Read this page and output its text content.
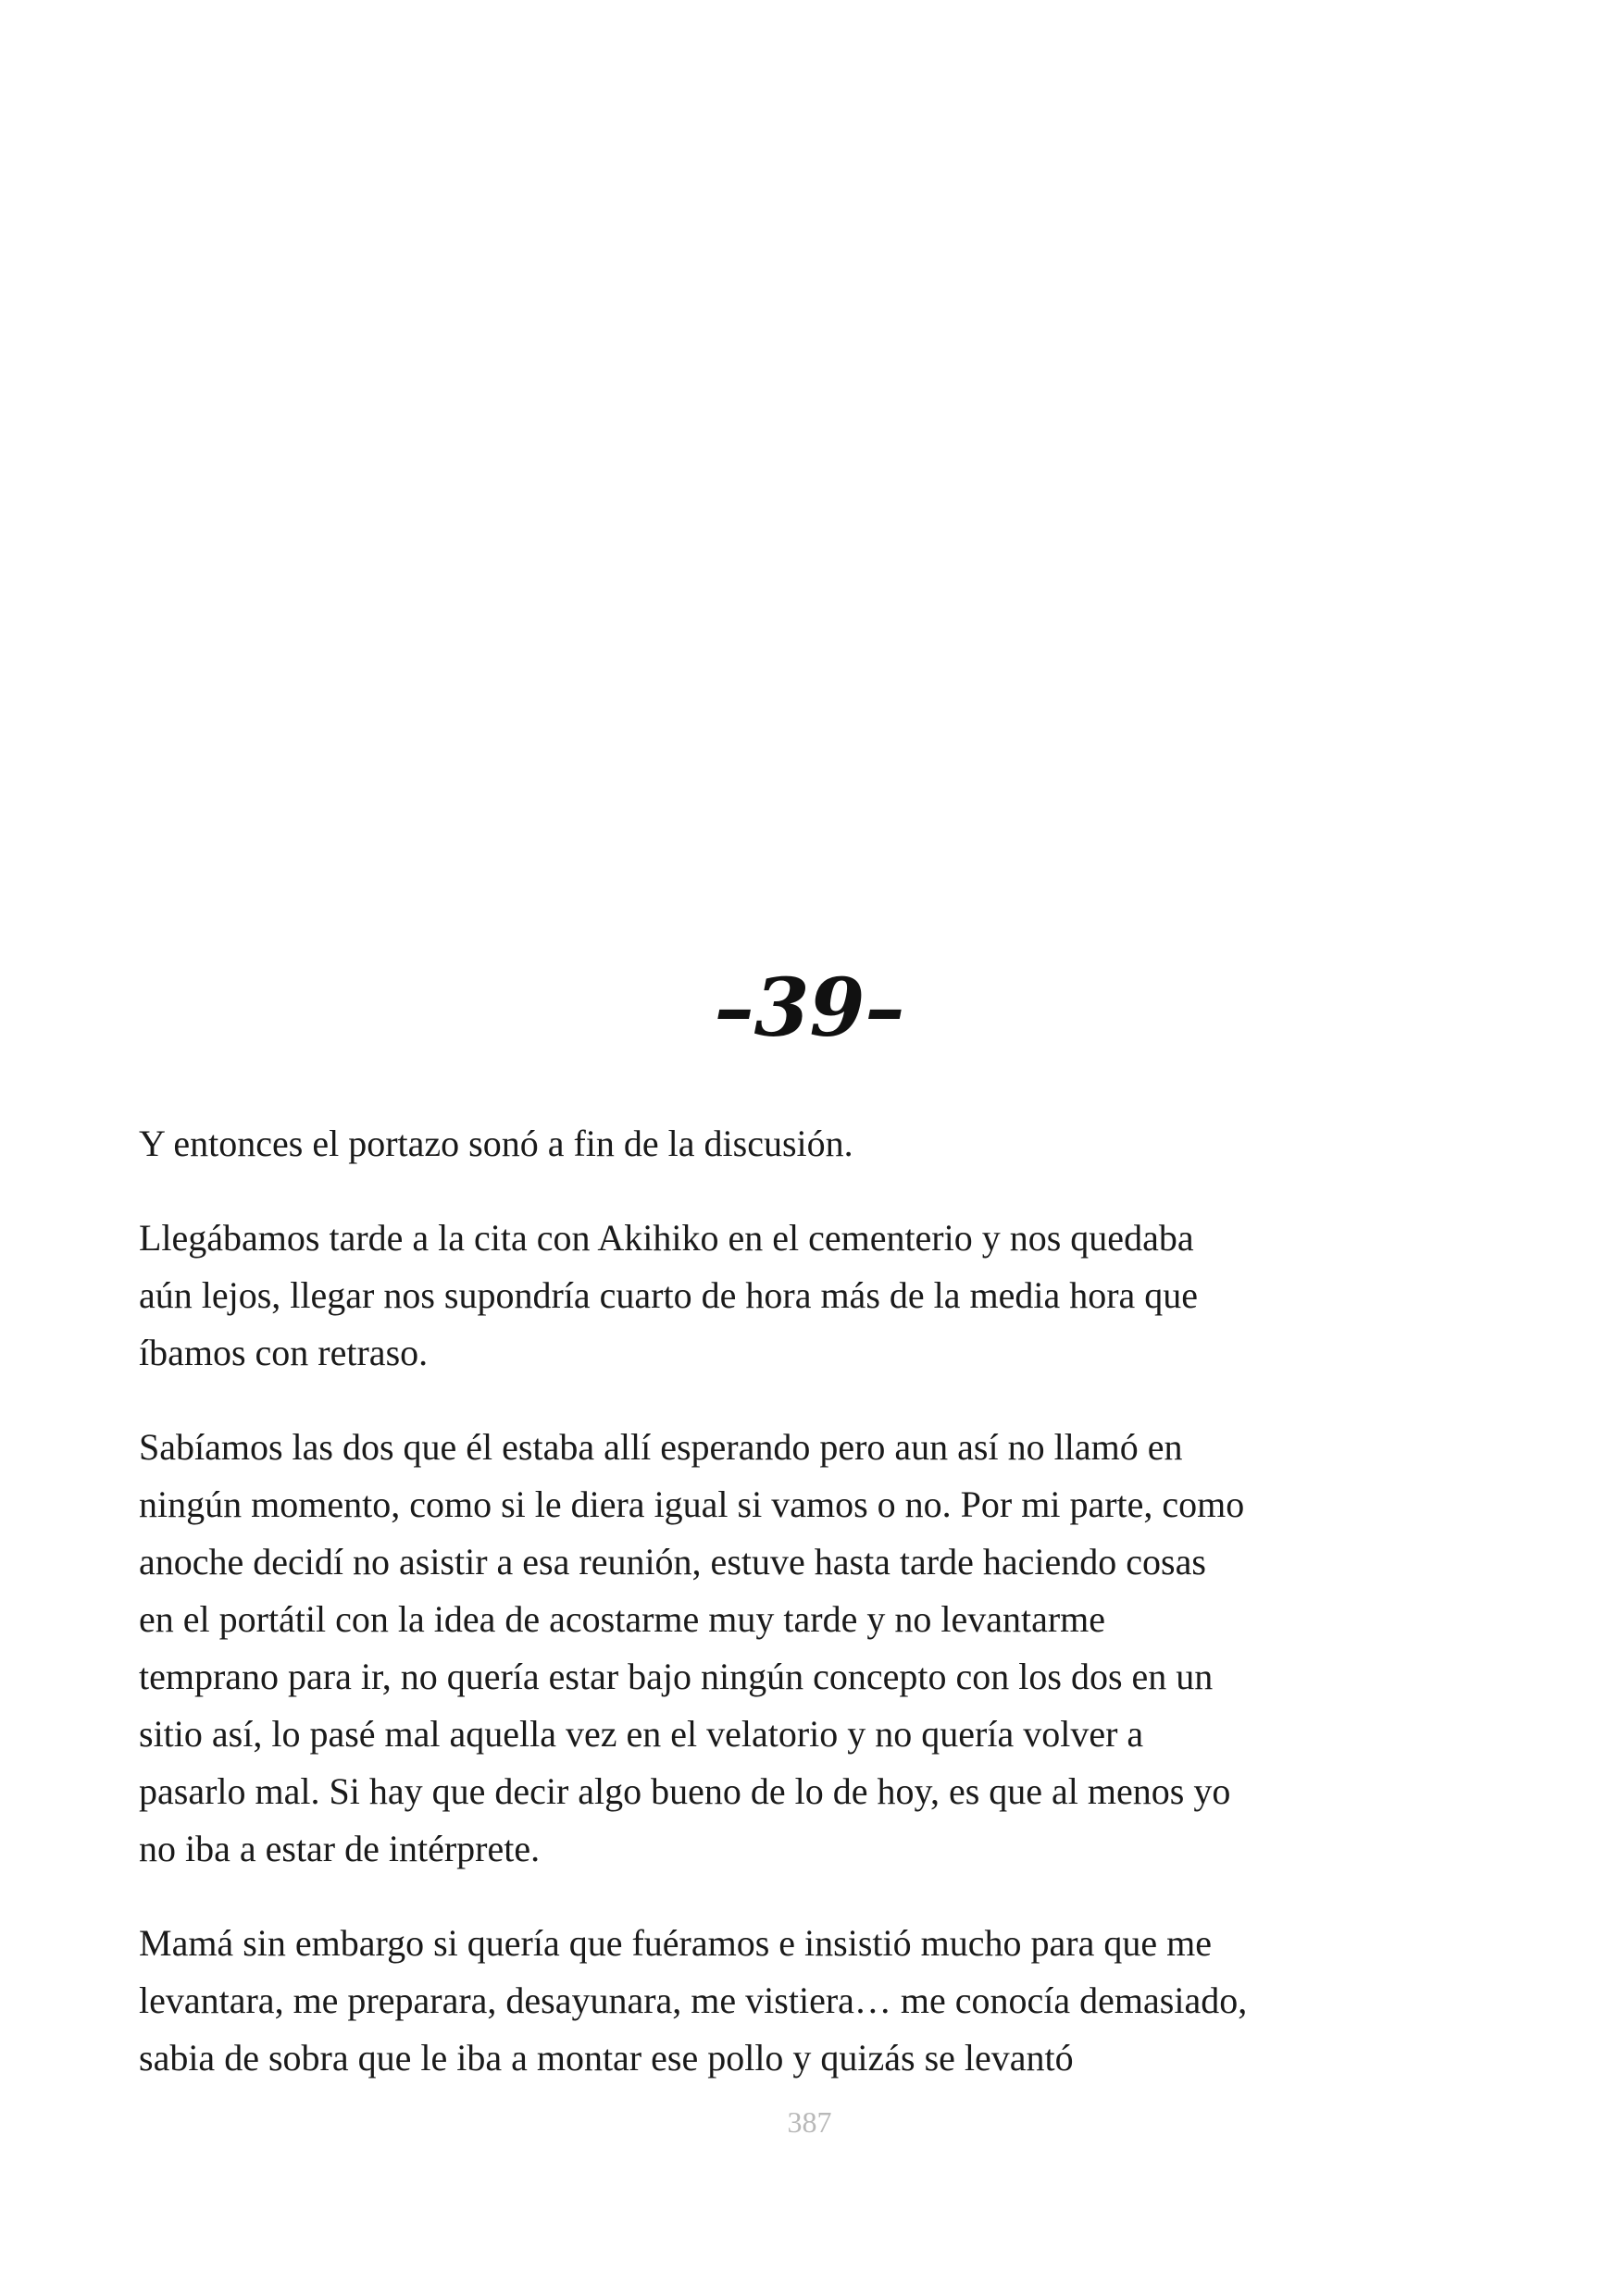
–39–

Y entonces el portazo sonó a fin de la discusión.

Llegábamos tarde a la cita con Akihiko en el cementerio y nos quedaba
aún lejos, llegar nos supondría cuarto de hora más de la media hora que
íbamos con retraso.

Sabíamos las dos que él estaba allí esperando pero aun así no llamó en
ningún momento, como si le diera igual si vamos o no. Por mi parte, como
anoche decidí no asistir a esa reunión, estuve hasta tarde haciendo cosas
en el portátil con la idea de acostarme muy tarde y no levantarme
temprano para ir, no quería estar bajo ningún concepto con los dos en un
sitio así, lo pasé mal aquella vez en el velatorio y no quería volver a
pasarlo mal. Si hay que decir algo bueno de lo de hoy, es que al menos yo
no iba a estar de intérprete.

Mamá sin embargo si quería que fuéramos e insistió mucho para que me
levantara, me preparara, desayunara, me vistiera… me conocía demasiado,
sabia de sobra que le iba a montar ese pollo y quizás se levantó

387
